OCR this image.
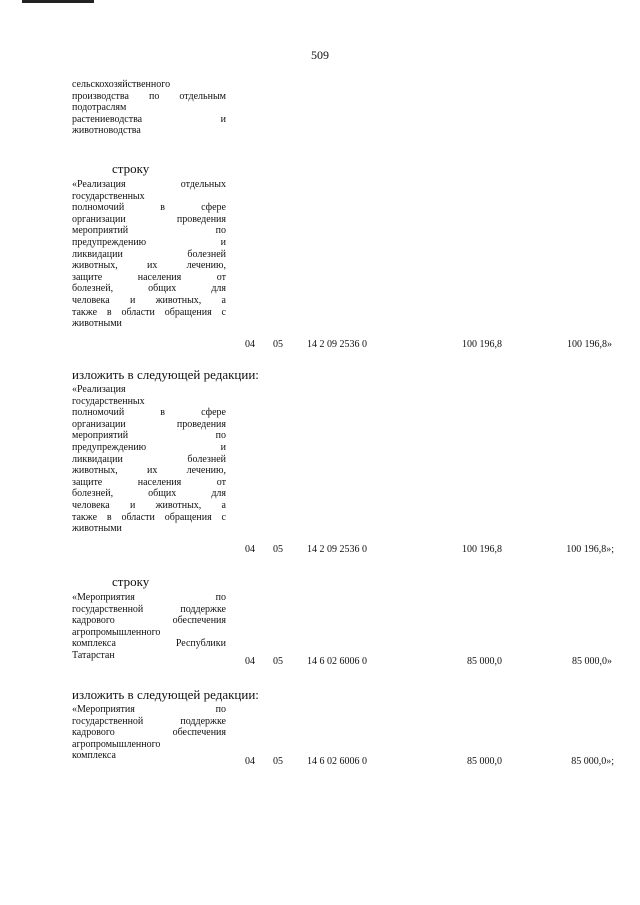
509
сельскохозяйственного
производства по отдельным
подотраслям
растениеводства и
животноводства
строку
«Реализация отдельных
государственных
полномочий в сфере
организации проведения
мероприятий по
предупреждению и
ликвидации болезней
животных, их лечению,
защите населения от
болезней, общих для
человека и животных, а
также в области обращения с
животными
04 05 14 2 09 2536 0	100 196,8	100 196,8»
изложить в следующей редакции:
«Реализация
государственных
полномочий в сфере
организации проведения
мероприятий по
предупреждению и
ликвидации болезней
животных, их лечению,
защите населения от
болезней, общих для
человека и животных, а
также в области обращения с
животными
04 05 14 2 09 2536 0	100 196,8	100 196,8»;
строку
«Мероприятия по
государственной поддержке
кадрового обеспечения
агропромышленного
комплекса Республики
Татарстан
04 05 14 6 02 6006 0	85 000,0	85 000,0»
изложить в следующей редакции:
«Мероприятия по
государственной поддержке
кадрового обеспечения
агропромышленного
комплекса
04 05 14 6 02 6006 0	85 000,0	85 000,0»;
